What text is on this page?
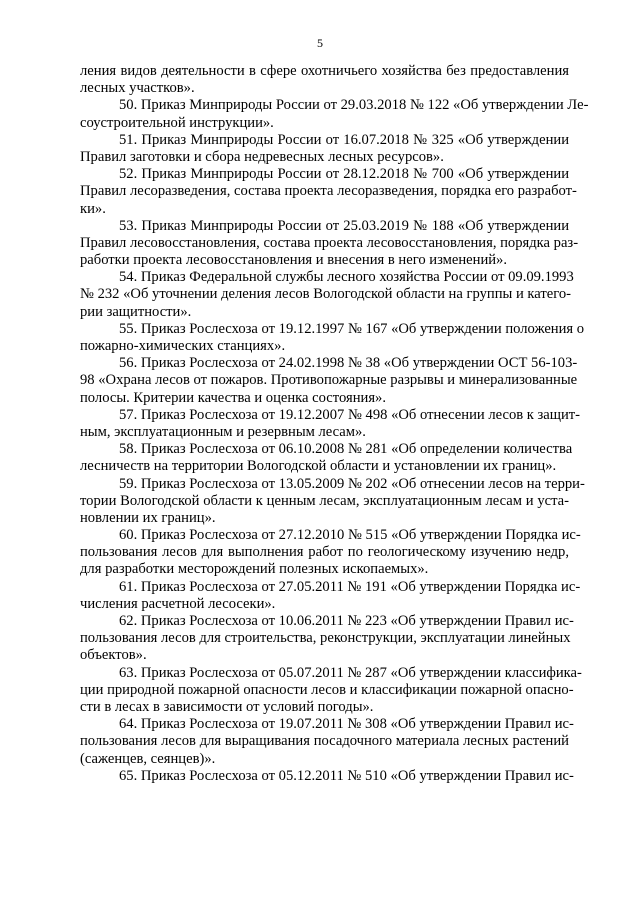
5
ления видов деятельности в сфере охотничьего хозяйства без предоставления
лесных участков».
50. Приказ Минприроды России от 29.03.2018 № 122 «Об утверждении Ле-
соустроительной инструкции».
51. Приказ Минприроды России от 16.07.2018 № 325 «Об утверждении
Правил заготовки и сбора недревесных лесных ресурсов».
52. Приказ Минприроды России от 28.12.2018 № 700 «Об утверждении
Правил лесоразведения, состава проекта лесоразведения, порядка его разработ-
ки».
53. Приказ Минприроды России от 25.03.2019 № 188 «Об утверждении
Правил лесовосстановления, состава проекта лесовосстановления, порядка раз-
работки проекта лесовосстановления и внесения в него изменений».
54. Приказ Федеральной службы лесного хозяйства России от 09.09.1993
№ 232 «Об уточнении деления лесов Вологодской области на группы и катего-
рии защитности».
55. Приказ Рослесхоза от 19.12.1997 № 167 «Об утверждении положения о
пожарно-химических станциях».
56. Приказ Рослесхоза от 24.02.1998 № 38 «Об утверждении ОСТ 56-103-
98 «Охрана лесов от пожаров. Противопожарные разрывы и минерализованные
полосы. Критерии качества и оценка состояния».
57. Приказ Рослесхоза от 19.12.2007 № 498 «Об отнесении лесов к защит-
ным, эксплуатационным и резервным лесам».
58. Приказ Рослесхоза от 06.10.2008 № 281 «Об определении количества
лесничеств на территории Вологодской области и установлении их границ».
59. Приказ Рослесхоза от 13.05.2009 № 202 «Об отнесении лесов на терри-
тории Вологодской области к ценным лесам, эксплуатационным лесам и уста-
новлении их границ».
60. Приказ Рослесхоза от 27.12.2010 № 515 «Об утверждении Порядка ис-
пользования лесов для выполнения работ по геологическому изучению недр,
для разработки месторождений полезных ископаемых».
61. Приказ Рослесхоза от 27.05.2011 № 191 «Об утверждении Порядка ис-
числения расчетной лесосеки».
62. Приказ Рослесхоза от 10.06.2011 № 223 «Об утверждении Правил ис-
пользования лесов для строительства, реконструкции, эксплуатации линейных
объектов».
63. Приказ Рослесхоза от 05.07.2011 № 287 «Об утверждении классифика-
ции природной пожарной опасности лесов и классификации пожарной опасно-
сти в лесах в зависимости от условий погоды».
64. Приказ Рослесхоза от 19.07.2011 № 308 «Об утверждении Правил ис-
пользования лесов для выращивания посадочного материала лесных растений
(саженцев, сеянцев)».
65. Приказ Рослесхоза от 05.12.2011 № 510 «Об утверждении Правил ис-
